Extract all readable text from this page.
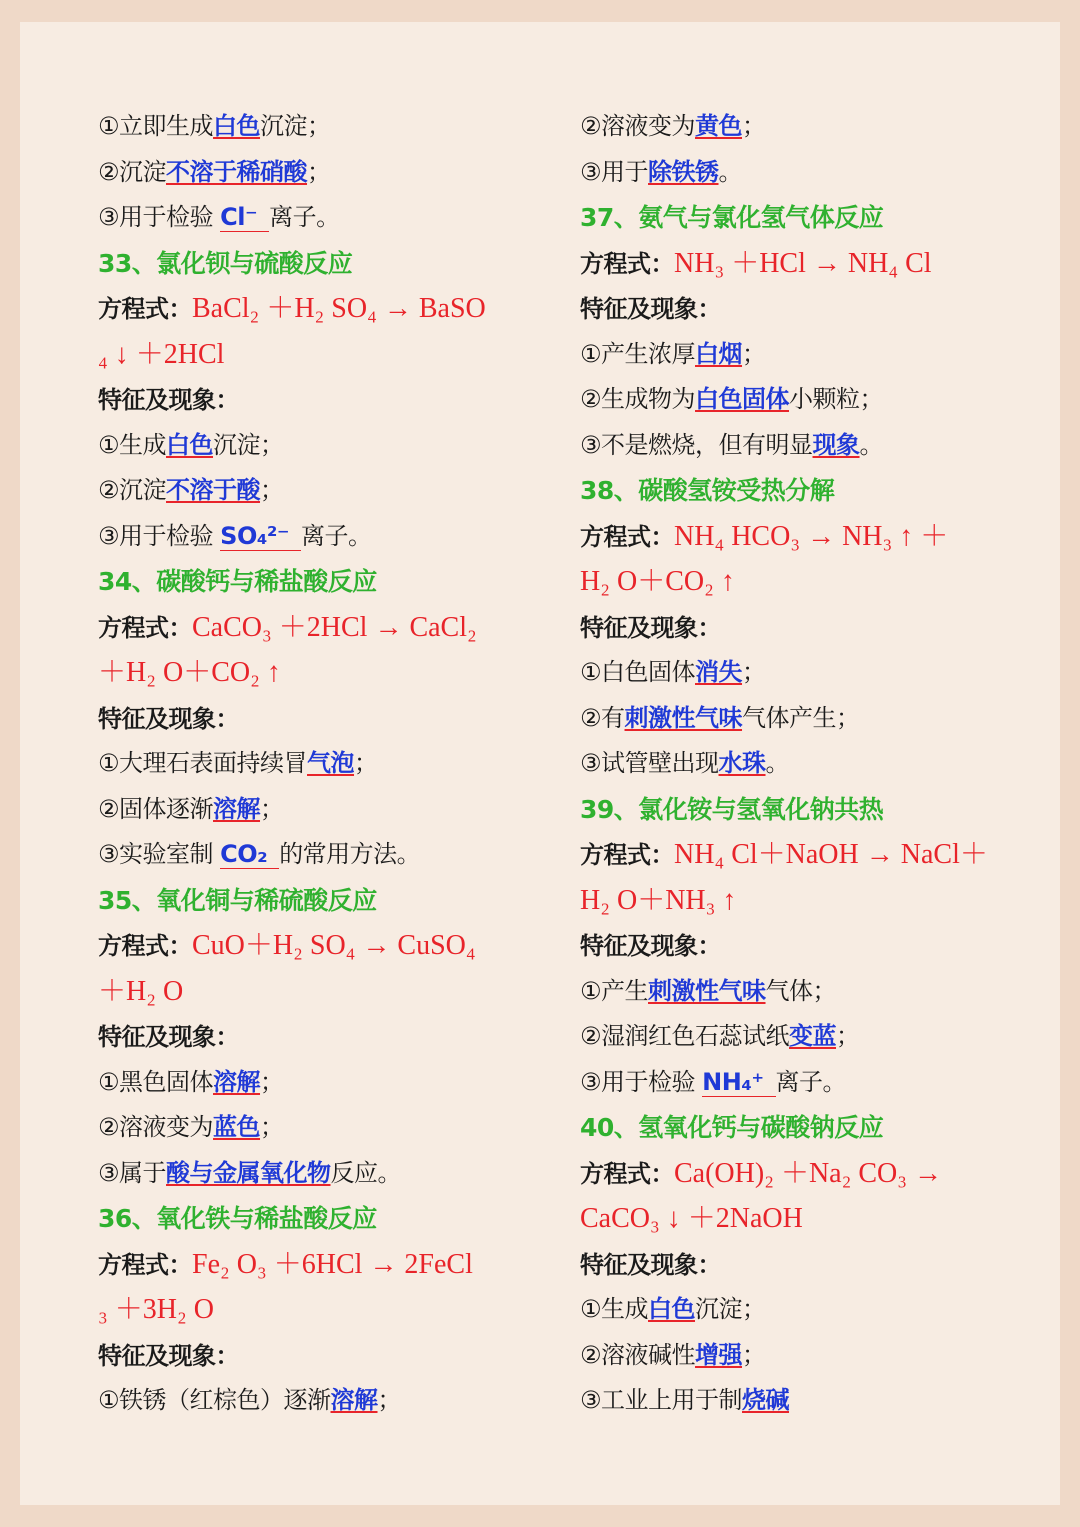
①立即生成白色沉淀；
②沉淀不溶于稀硝酸；
③用于检验 Cl⁻ 离子。
33、氯化钡与硫酸反应
方程式：BaCl₂ ＋H₂ SO₄ → BaSO
₄ ↓ ＋2HCl
特征及现象：
①生成白色沉淀；
②沉淀不溶于酸；
③用于检验 SO₄²⁻ 离子。
34、碳酸钙与稀盐酸反应
方程式：CaCO₃ ＋2HCl → CaCl₂
＋H₂ O＋CO₂ ↑
特征及现象：
①大理石表面持续冒气泡；
②固体逐渐溶解；
③实验室制 CO₂ 的常用方法。
35、氧化铜与稀硫酸反应
方程式：CuO＋H₂ SO₄ → CuSO₄
＋H₂ O
特征及现象：
①黑色固体溶解；
②溶液变为蓝色；
③属于酸与金属氧化物反应。
36、氧化铁与稀盐酸反应
方程式：Fe₂ O₃ ＋6HCl → 2FeCl
₃ ＋3H₂ O
特征及现象：
①铁锈（红棕色）逐渐溶解；
②溶液变为黄色；
③用于除铁锈。
37、氨气与氯化氢气体反应
方程式：NH₃ ＋HCl → NH₄ Cl
特征及现象：
①产生浓厚白烟；
②生成物为白色固体小颗粒；
③不是燃烧，但有明显现象。
38、碳酸氢铵受热分解
方程式：NH₄ HCO₃ → NH₃ ↑ ＋
H₂ O＋CO₂ ↑
特征及现象：
①白色固体消失；
②有刺激性气味气体产生；
③试管壁出现水珠。
39、氯化铵与氢氧化钠共热
方程式：NH₄ Cl＋NaOH → NaCl＋
H₂ O＋NH₃ ↑
特征及现象：
①产生刺激性气味气体；
②湿润红色石蕊试纸变蓝；
③用于检验 NH₄⁺ 离子。
40、氢氧化钙与碳酸钠反应
方程式：Ca(OH)₂ ＋Na₂ CO₃ →
CaCO₃ ↓ ＋2NaOH
特征及现象：
①生成白色沉淀；
②溶液碱性增强；
③工业上用于制烧碱
